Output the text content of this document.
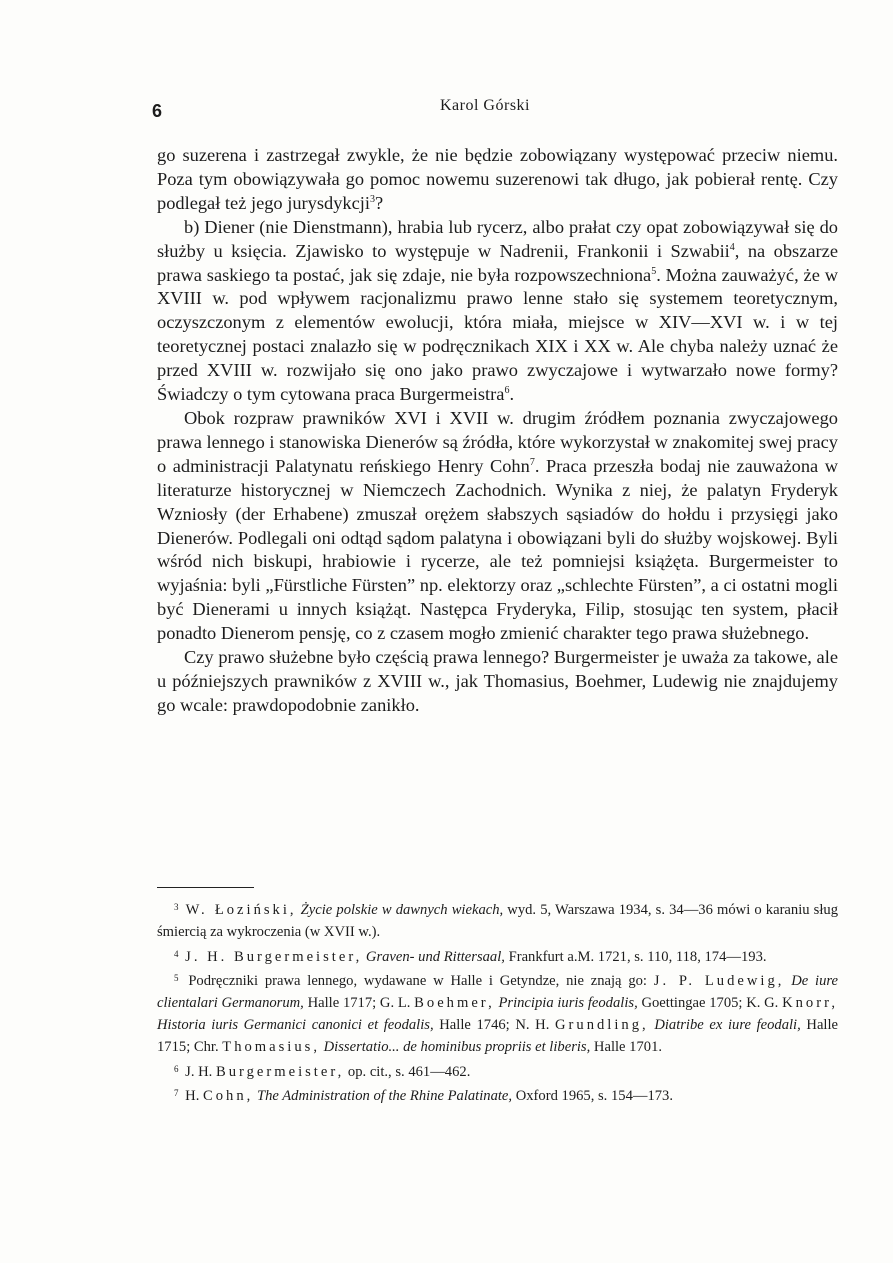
6	Karol Górski

go suzerena i zastrzegał zwykle, że nie będzie zobowiązany występować przeciw niemu. Poza tym obowiązywała go pomoc nowemu suzerenowi tak długo, jak pobierał rentę. Czy podlegał też jego jurysdykcji$^3$?

b) Diener (nie Dienstmann), hrabia lub rycerz, albo prałat czy opat zobowiązywał się do służby u księcia. Zjawisko to występuje w Nadrenii, Frankonii i Szwabii$^4$, na obszarze prawa saskiego ta postać, jak się zdaje, nie była rozpowszechniona$^5$. Można zauważyć, że w XVIII w. pod wpływem racjonalizmu prawo lenne stało się systemem teoretycznym, oczyszczonym z elementów ewolucji, która miała, miejsce w XIV—XVI w. i w tej teoretycznej postaci znalazło się w podręcznikach XIX i XX w. Ale chyba należy uznać że przed XVIII w. rozwijało się ono jako prawo zwyczajowe i wytwarzało nowe formy? Świadczy o tym cytowana praca Burgermeistra$^6$.

Obok rozpraw prawników XVI i XVII w. drugim źródłem poznania zwyczajowego prawa lennego i stanowiska Dienerów są źródła, które wykorzystał w znakomitej swej pracy o administracji Palatynatu reńskiego Henry Cohn$^7$. Praca przeszła bodaj nie zauważona w literaturze historycznej w Niemczech Zachodnich. Wynika z niej, że palatyn Fryderyk Wzniosły (der Erhabene) zmuszał orężem słabszych sąsiadów do hołdu i przysięgi jako Dienerów. Podlegali oni odtąd sądom palatyna i obowiązani byli do służby wojskowej. Byli wśród nich biskupi, hrabiowie i rycerze, ale też pomniejsi książęta. Burgermeister to wyjaśnia: byli „Fürstliche Fürsten” np. elektorzy oraz „schlechte Fürsten”, a ci ostatni mogli być Dienerami u innych książąt. Następca Fryderyka, Filip, stosując ten system, płacił ponadto Dienerom pensję, co z czasem mogło zmienić charakter tego prawa służebnego.

Czy prawo służebne było częścią prawa lennego? Burgermeister je uważa za takowe, ale u późniejszych prawników z XVIII w., jak Thomasius, Boehmer, Ludewig nie znajdujemy go wcale: prawdopodobnie zanikło.

$^3$ W. Łoziński, Życie polskie w dawnych wiekach, wyd. 5, Warszawa 1934, s. 34—36 mówi o karaniu sług śmiercią za wykroczenia (w XVII w.).

$^4$ J. H. Burgermeister, Graven- und Rittersaal, Frankfurt a.M. 1721, s. 110, 118, 174—193.

$^5$ Podręczniki prawa lennego, wydawane w Halle i Getyndze, nie znają go: J. P. Ludewig, De iure clientalari Germanorum, Halle 1717; G. L. Boehmer, Principia iuris feodalis, Goettingae 1705; K. G. Knorr, Historia iuris Germanici canonici et feodalis, Halle 1746; N. H. Grundling, Diatribe ex iure feodali, Halle 1715; Chr. Thomasius, Dissertatio... de hominibus propriis et liberis, Halle 1701.

$^6$ J. H. Burgermeister, op. cit., s. 461—462.

$^7$ H. Cohn, The Administration of the Rhine Palatinate, Oxford 1965, s. 154—173.
